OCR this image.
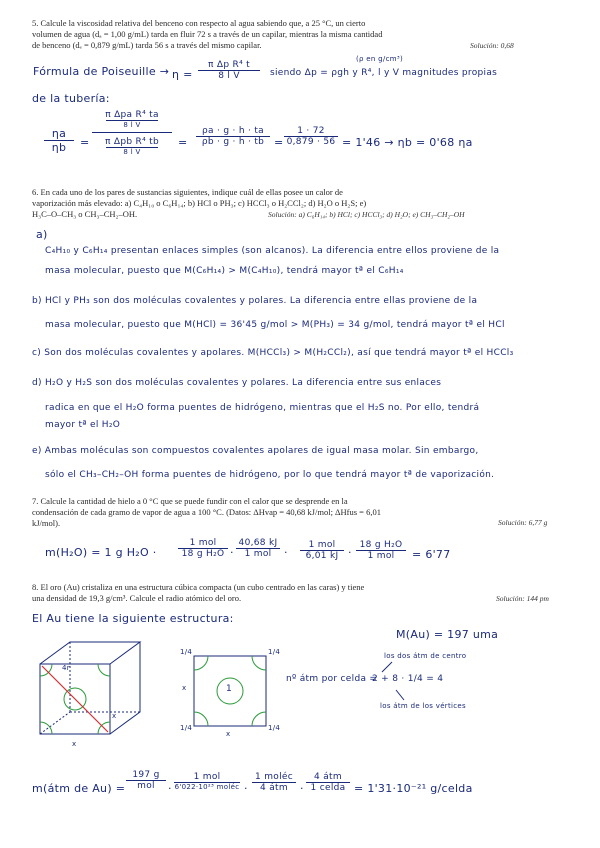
5. Calcule la viscosidad relativa del benceno con respecto al agua sabiendo que, a 25 °C, un cierto

volumen de agua (dₐ = 1,00 g/mL) tarda en fluir 72 s a través de un capilar, mientras la misma cantidad

de benceno (dₑ = 0,879 g/mL) tarda 56 s a través del mismo capilar.	Solución: 0,68

Fórmula de Poiseuille → $\eta = \frac{\text{π Δp R⁴ t}}{\text{8 l V}}$

(ρ en g/cm³)

siendo Δp = ρgh y R⁴, l y V magnitudes propias

de la tubería:

$\frac{\eta a}{\eta b}$ =

π Δpa R⁴ ta
8 l V
π Δpb R⁴ tb
8 l V

= $\frac{\rho a \cdot g \cdot h \cdot ta}{\rho b \cdot g \cdot h \cdot tb} = \frac{1 \cdot 72}{0,879 \cdot 56} = 1'46 \to \eta b = 0'68$ ηa

6. En cada uno de los pares de sustancias siguientes, indique cuál de ellas posee un calor de

vaporización más elevado: a) C₄H₁₀ o C₆H₁₄; b) HCl o PH₃; c) HCCl₃ o H₂CCl₂; d) H₂O o H₂S; e)

H₃C–O–CH₃ o CH₃–CH₂–OH.	Solución: a) C₆H₁₄; b) HCl; c) HCCl₃; d) H₂O; e) CH₃–CH₂–OH

a)

C₄H₁₀ y C₆H₁₄ presentan enlaces simples (son alcanos). La diferencia entre ellos proviene de la

masa molecular, puesto que M(C₆H₁₄) > M(C₄H₁₀), tendrá mayor tª el C₆H₁₄

b) HCl y PH₃ son dos moléculas covalentes y polares. La diferencia entre ellas proviene de la

masa molecular, puesto que M(HCl) = 36'45 g/mol > M(PH₃) = 34 g/mol, tendrá mayor tª el HCl

c) Son dos moléculas covalentes y apolares. M(HCCl₃) > M(H₂CCl₂), así que tendrá mayor tª el HCCl₃

d) H₂O y H₂S son dos moléculas covalentes y polares. La diferencia entre sus enlaces

radica en que el H₂O forma puentes de hidrógeno, mientras que el H₂S no. Por ello, tendrá

mayor tª el H₂O

e) Ambas moléculas son compuestos covalentes apolares de igual masa molar. Sin embargo,

sólo el CH₃–CH₂–OH forma puentes de hidrógeno, por lo que tendrá mayor tª de vaporización.

7. Calcule la cantidad de hielo a 0 °C que se puede fundir con el calor que se desprende en la

condensación de cada gramo de vapor de agua a 100 °C. (Datos: ΔHvap = 40,68 kJ/mol; ΔHfus = 6,01

kJ/mol).	Solución: 6,77 g

m(H₂O) = 1 g H₂O ·

1 mol
18 g H₂O ·

40,68 kJ
1 mol	·

1 mol
6,01 kJ ·

18 g H₂O
1 mol	= 6'77

8. El oro (Au) cristaliza en una estructura cúbica compacta (un cubo centrado en las caras) y tiene

una densidad de 19,3 g/cm³. Calcule el radio atómico del oro.	Solución: 144 pm

El Au tiene la siguiente estructura:

M(Au) = 197 uma

4r

x

x

1

1/4	1/4

1/4	1/4

x

x

los dos átm de centro

nº átm por celda =

2 + 8 · 1/4 = 4

los átm de los vértices

m(átm de Au) =

197 g
mol	·

1 mol
6'022·10²³ moléc ·

1 moléc
4 átm	·

4 átm
1 celda = 1'31·10⁻²¹ g/celda
